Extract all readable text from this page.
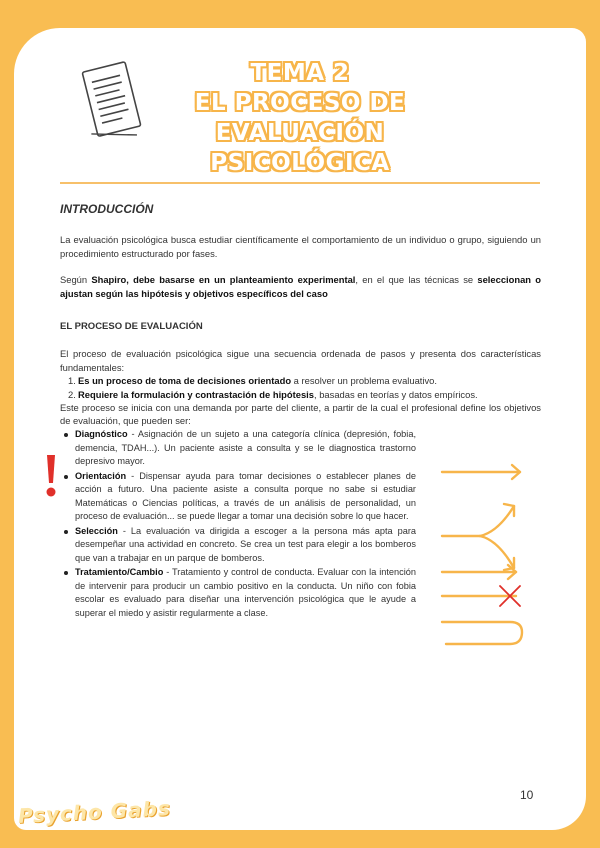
TEMA 2
EL PROCESO DE EVALUACIÓN
PSICOLÓGICA
INTRODUCCIÓN

La evaluación psicológica busca estudiar científicamente el comportamiento de un individuo o grupo, siguiendo un procedimiento estructurado por fases.

Según Shapiro, debe basarse en un planteamiento experimental, en el que las técnicas se seleccionan o ajustan según las hipótesis y objetivos específicos del caso

EL PROCESO DE EVALUACIÓN

El proceso de evaluación psicológica sigue una secuencia ordenada de pasos y presenta dos características fundamentales:

1. Es un proceso de toma de decisiones orientado a resolver un problema evaluativo.
2. Requiere la formulación y contrastación de hipótesis, basadas en teorías y datos empíricos.

Este proceso se inicia con una demanda por parte del cliente, a partir de la cual el profesional define los objetivos de evaluación, que pueden ser:

Diagnóstico - Asignación de un sujeto a una categoría clínica (depresión, fobia, demencia, TDAH...). Un paciente asiste a consulta y se le diagnostica trastorno depresivo mayor.
Orientación - Dispensar ayuda para tomar decisiones o establecer planes de acción a futuro. Una paciente asiste a consulta porque no sabe si estudiar Matemáticas o Ciencias políticas, a través de un análisis de personalidad, un proceso de evaluación... se puede llegar a tomar una decisión sobre lo que hacer.
Selección - La evaluación va dirigida a escoger a la persona más apta para desempeñar una actividad en concreto. Se crea un test para elegir a los bomberos que van a trabajar en un parque de bomberos.
Tratamiento/Cambio - Tratamiento y control de conducta. Evaluar con la intención de intervenir para producir un cambio positivo en la conducta. Un niño con fobia escolar es evaluado para diseñar una intervención psicológica que le ayude a superar el miedo y asistir regularmente a clase.
10
Psycho Gabs
